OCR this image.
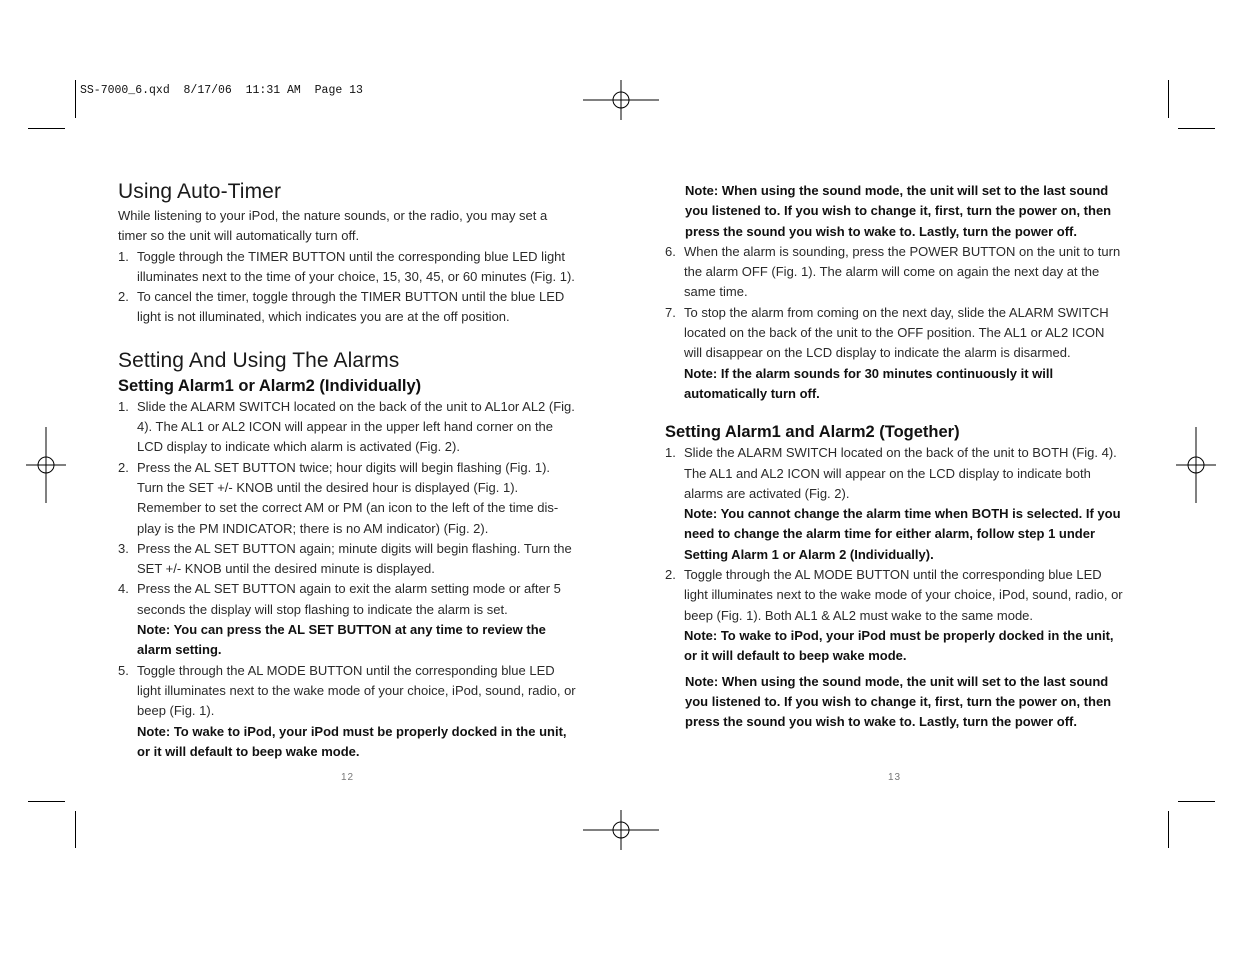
SS-7000_6.qxd  8/17/06  11:31 AM  Page 13
Using Auto-Timer

While listening to your iPod, the nature sounds, or the radio, you may set a timer so the unit will automatically turn off.

1. Toggle through the TIMER BUTTON until the corresponding blue LED light illuminates next to the time of your choice, 15, 30, 45, or 60 minutes (Fig. 1).
2. To cancel the timer, toggle through the TIMER BUTTON until the blue LED light is not illuminated, which indicates you are at the off position.
Setting And Using The Alarms
Setting Alarm1 or Alarm2 (Individually)
1. Slide the ALARM SWITCH located on the back of the unit to AL1or AL2 (Fig. 4). The AL1 or AL2 ICON will appear in the upper left hand corner on the LCD display to indicate which alarm is activated (Fig. 2).
2. Press the AL SET BUTTON twice; hour digits will begin flashing (Fig. 1). Turn the SET +/- KNOB until the desired hour is displayed (Fig. 1). Remember to set the correct AM or PM (an icon to the left of the time dis-play is the PM INDICATOR; there is no AM indicator) (Fig. 2).
3. Press the AL SET BUTTON again; minute digits will begin flashing. Turn the SET +/- KNOB until the desired minute is displayed.
4. Press the AL SET BUTTON again to exit the alarm setting mode or after 5 seconds the display will stop flashing to indicate the alarm is set.
Note: You can press the AL SET BUTTON at any time to review the alarm setting.
5. Toggle through the AL MODE BUTTON until the corresponding blue LED light illuminates next to the wake mode of your choice, iPod, sound, radio, or beep (Fig. 1).
Note: To wake to iPod, your iPod must be properly docked in the unit, or it will default to beep wake mode.
12

Note: When using the sound mode, the unit will set to the last sound you listened to. If you wish to change it, first, turn the power on, then press the sound you wish to wake to. Lastly, turn the power off.

6. When the alarm is sounding, press the POWER BUTTON on the unit to turn the alarm OFF (Fig. 1). The alarm will come on again the next day at the same time.
7. To stop the alarm from coming on the next day, slide the ALARM SWITCH located on the back of the unit to the OFF position. The AL1 or AL2 ICON will disappear on the LCD display to indicate the alarm is disarmed.
Note: If the alarm sounds for 30 minutes continuously it will automatically turn off.
Setting Alarm1 and Alarm2 (Together)
1. Slide the ALARM SWITCH located on the back of the unit to BOTH (Fig. 4). The AL1 and AL2 ICON will appear on the LCD display to indicate both alarms are activated (Fig. 2).
Note: You cannot change the alarm time when BOTH is selected. If you need to change the alarm time for either alarm, follow step 1 under Setting Alarm 1 or Alarm 2 (Individually).
2. Toggle through the AL MODE BUTTON until the corresponding blue LED light illuminates next to the wake mode of your choice, iPod, sound, radio, or beep (Fig. 1). Both AL1 & AL2 must wake to the same mode.
Note: To wake to iPod, your iPod must be properly docked in the unit, or it will default to beep wake mode.

Note: When using the sound mode, the unit will set to the last sound you listened to. If you wish to change it, first, turn the power on, then press the sound you wish to wake to. Lastly, turn the power off.

13
